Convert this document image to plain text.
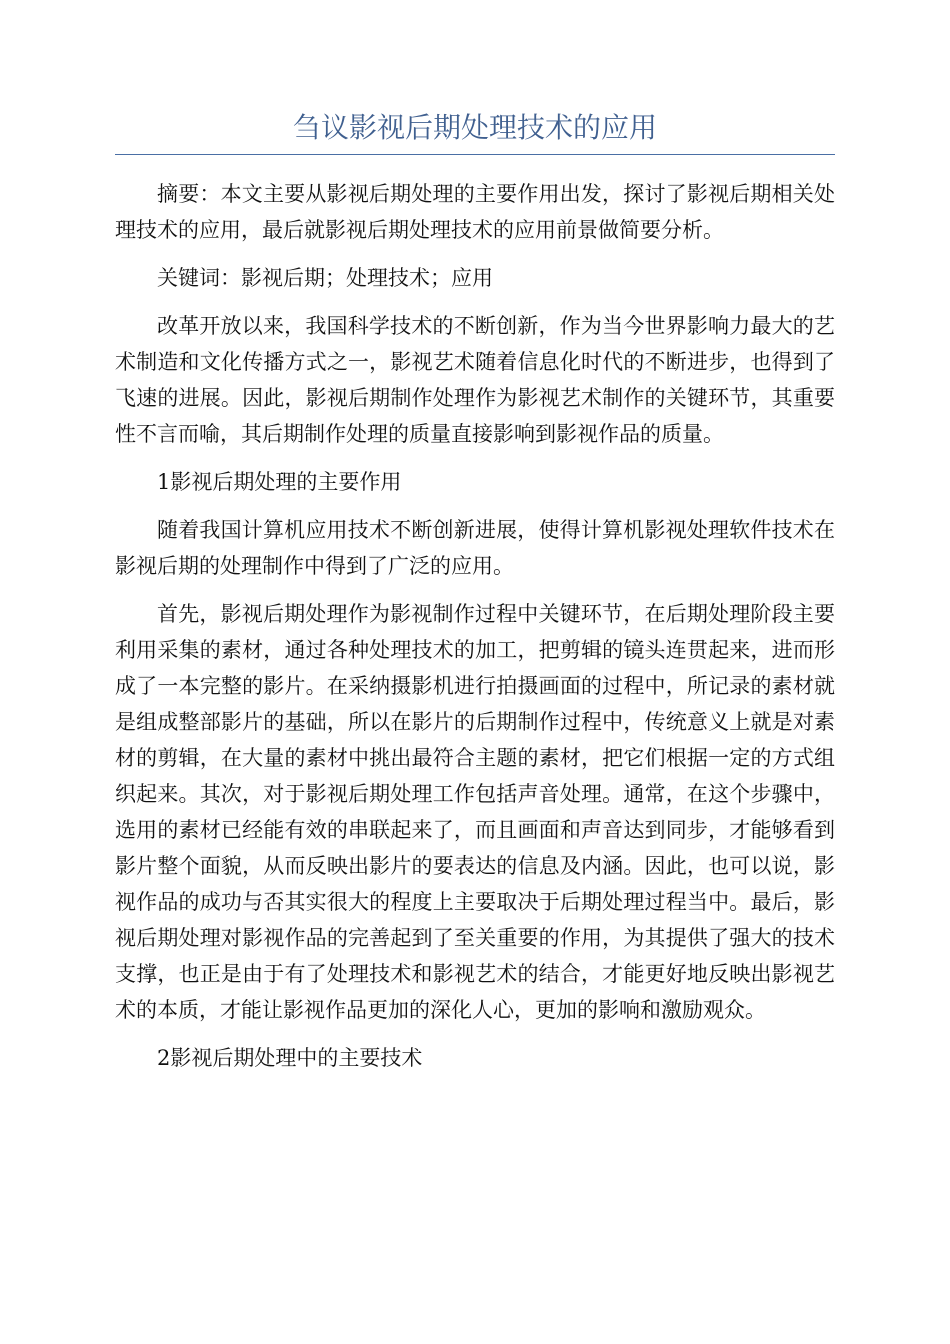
刍议影视后期处理技术的应用

摘要：本文主要从影视后期处理的主要作用出发，探讨了影视后期相关处理技术的应用，最后就影视后期处理技术的应用前景做简要分析。

关键词：影视后期；处理技术；应用

改革开放以来，我国科学技术的不断创新，作为当今世界影响力最大的艺术制造和文化传播方式之一，影视艺术随着信息化时代的不断进步，也得到了飞速的进展。因此，影视后期制作处理作为影视艺术制作的关键环节，其重要性不言而喻，其后期制作处理的质量直接影响到影视作品的质量。

1影视后期处理的主要作用

随着我国计算机应用技术不断创新进展，使得计算机影视处理软件技术在影视后期的处理制作中得到了广泛的应用。

首先，影视后期处理作为影视制作过程中关键环节，在后期处理阶段主要利用采集的素材，通过各种处理技术的加工，把剪辑的镜头连贯起来，进而形成了一本完整的影片。在采纳摄影机进行拍摄画面的过程中，所记录的素材就是组成整部影片的基础，所以在影片的后期制作过程中，传统意义上就是对素材的剪辑，在大量的素材中挑出最符合主题的素材，把它们根据一定的方式组织起来。其次，对于影视后期处理工作包括声音处理。通常，在这个步骤中，选用的素材已经能有效的串联起来了，而且画面和声音达到同步，才能够看到影片整个面貌，从而反映出影片的要表达的信息及内涵。因此，也可以说，影视作品的成功与否其实很大的程度上主要取决于后期处理过程当中。最后，影视后期处理对影视作品的完善起到了至关重要的作用，为其提供了强大的技术支撑，也正是由于有了处理技术和影视艺术的结合，才能更好地反映出影视艺术的本质，才能让影视作品更加的深化人心，更加的影响和激励观众。

2影视后期处理中的主要技术
